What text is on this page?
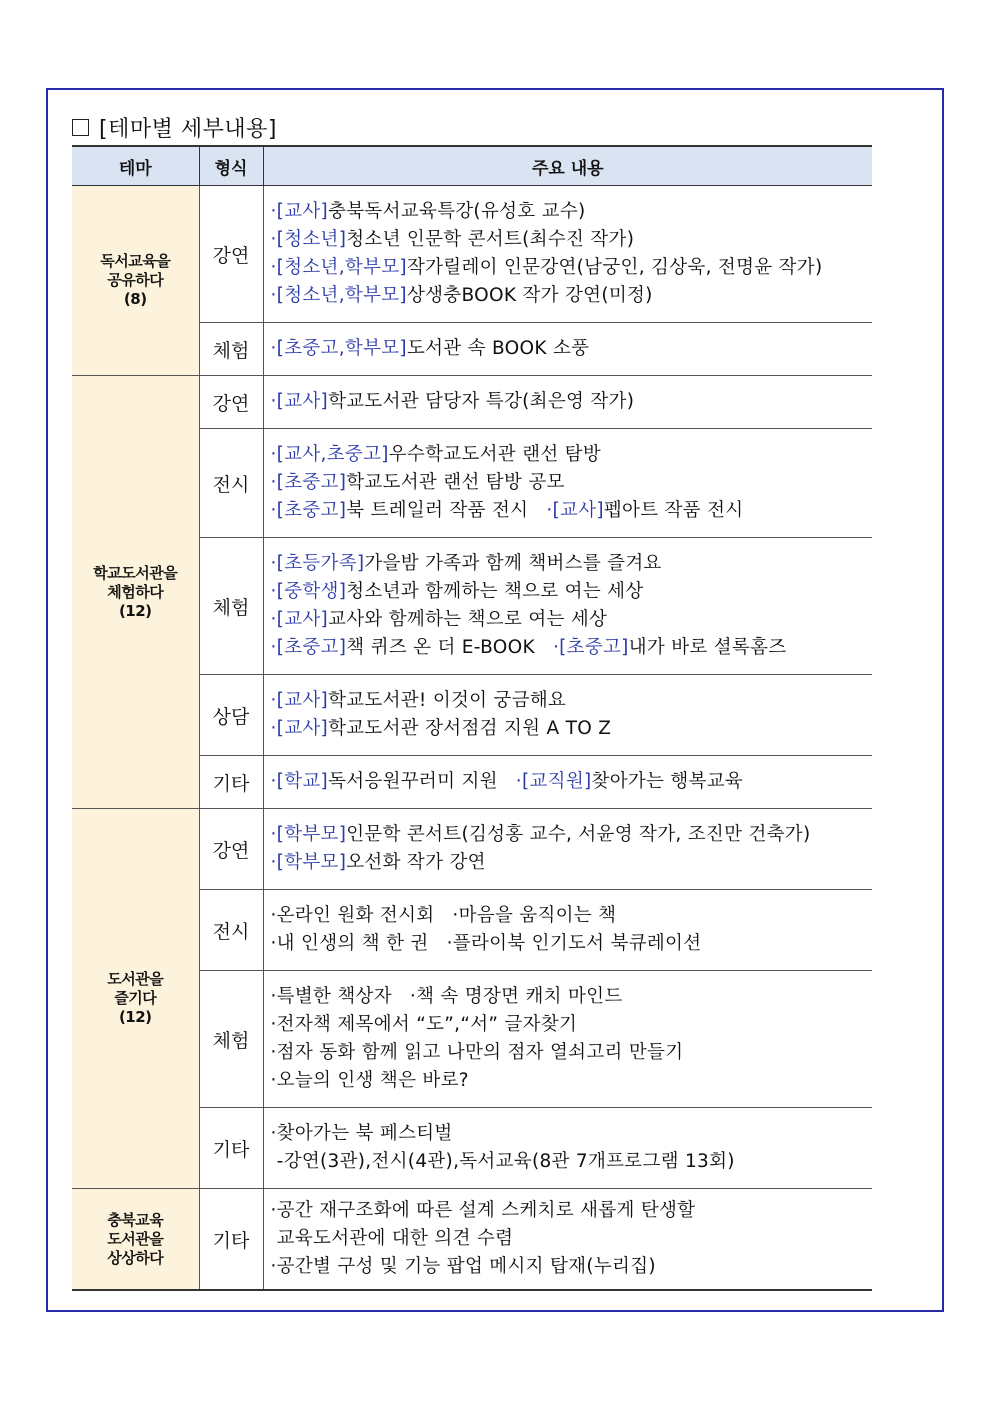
[테마별 세부내용]
테마	형식	주요 내용

독서교육을
공유하다
(8)	강연	·[교사]충북독서교육특강(유성호 교수)
·[청소년]청소년 인문학 콘서트(최수진 작가)
·[청소년,학부모]작가릴레이 인문강연(남궁인, 김상욱, 전명윤 작가)
·[청소년,학부모]상생충BOOK 작가 강연(미정)

	체험	·[초중고,학부모]도서관 속 BOOK 소풍

학교도서관을
체험하다
(12)	강연	·[교사]학교도서관 담당자 특강(최은영 작가)

	전시	·[교사,초중고]우수학교도서관 랜선 탐방
·[초중고]학교도서관 랜선 탐방 공모
·[초중고]북 트레일러 작품 전시 ·[교사]펩아트 작품 전시

	체험	·[초등가족]가을밤 가족과 함께 책버스를 즐겨요
·[중학생]청소년과 함께하는 책으로 여는 세상
·[교사]교사와 함께하는 책으로 여는 세상
·[초중고]책 퀴즈 온 더 E-BOOK ·[초중고]내가 바로 셜록홈즈

	상담	·[교사]학교도서관! 이것이 궁금해요
·[교사]학교도서관 장서점검 지원 A TO Z

	기타	·[학교]독서응원꾸러미 지원 ·[교직원]찾아가는 행복교육

도서관을
즐기다
(12)	강연	·[학부모]인문학 콘서트(김성홍 교수, 서윤영 작가, 조진만 건축가)
·[학부모]오선화 작가 강연

	전시	·온라인 원화 전시회 ·마음을 움직이는 책
·내 인생의 책 한 권 ·플라이북 인기도서 북큐레이션

	체험	·특별한 책상자 ·책 속 명장면 캐치 마인드
·전자책 제목에서 “도”,“서” 글자찾기
·점자 동화 함께 읽고 나만의 점자 열쇠고리 만들기
·오늘의 인생 책은 바로?

	기타	·찾아가는 북 페스티벌
-강연(3관),전시(4관),독서교육(8관 7개프로그램 13회)

충북교육
도서관을
상상하다	기타	·공간 재구조화에 따른 설계 스케치로 새롭게 탄생할
교육도서관에 대한 의견 수렴
·공간별 구성 및 기능 팝업 메시지 탑재(누리집)
